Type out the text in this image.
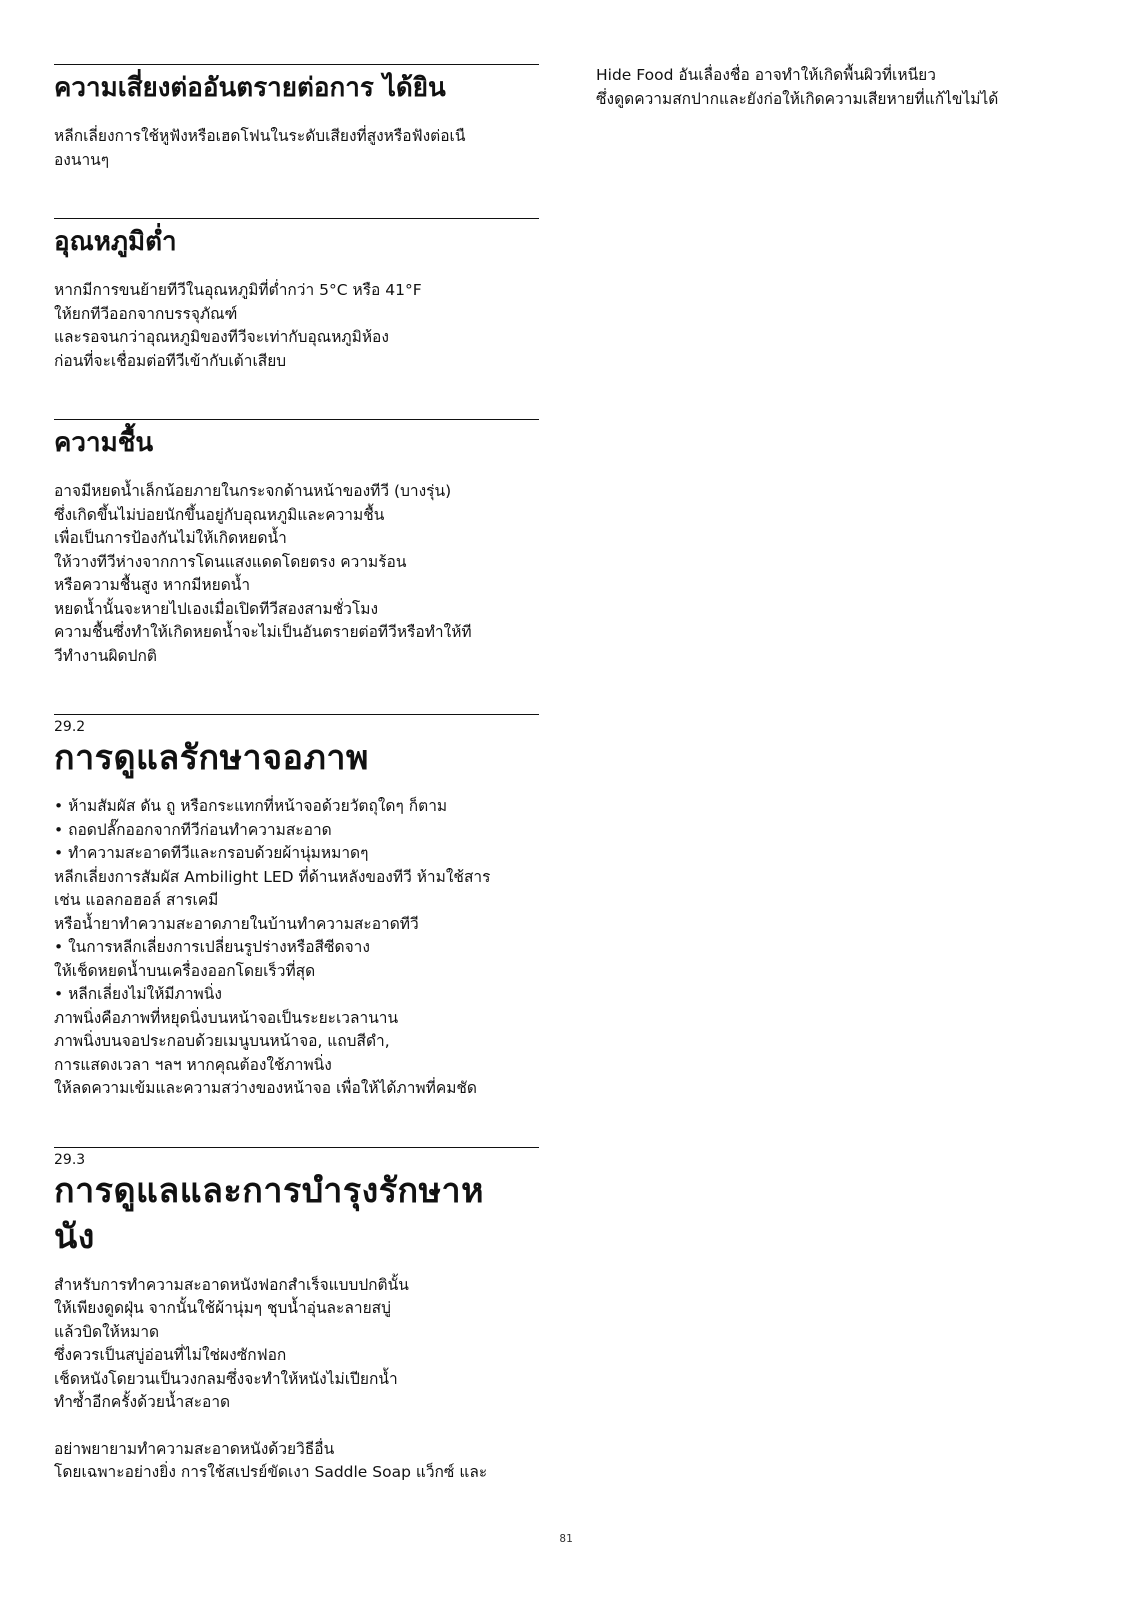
ความเสี่ยงต่ออันตรายต่อการ ได้ยิน

หลีกเลี่ยงการใช้หูฟังหรือเฮดโฟนในระดับเสียงที่สูงหรือฟังต่อเนื
องนานๆ

อุณหภูมิต่ำ

หากมีการขนย้ายทีวีในอุณหภูมิที่ต่ำกว่า 5°C หรือ 41°F
ให้ยกทีวีออกจากบรรจุภัณฑ์
และรอจนกว่าอุณหภูมิของทีวีจะเท่ากับอุณหภูมิห้อง
ก่อนที่จะเชื่อมต่อทีวีเข้ากับเต้าเสียบ

ความชื้น

อาจมีหยดน้ำเล็กน้อยภายในกระจกด้านหน้าของทีวี (บางรุ่น)
ซึ่งเกิดขึ้นไม่บ่อยนักขึ้นอยู่กับอุณหภูมิและความชื้น
เพื่อเป็นการป้องกันไม่ให้เกิดหยดน้ำ
ให้วางทีวีห่างจากการโดนแสงแดดโดยตรง ความร้อน
หรือความชื้นสูง หากมีหยดน้ำ
หยดน้ำนั้นจะหายไปเองเมื่อเปิดทีวีสองสามชั่วโมง
ความชื้นซึ่งทำให้เกิดหยดน้ำจะไม่เป็นอันตรายต่อทีวีหรือทำให้ที
วีทำงานผิดปกติ

29.2
การดูแลรักษาจอภาพ

• ห้ามสัมผัส ดัน ถู หรือกระแทกที่หน้าจอด้วยวัตถุใดๆ ก็ตาม
• ถอดปลั๊กออกจากทีวีก่อนทำความสะอาด
• ทำความสะอาดทีวีและกรอบด้วยผ้านุ่มหมาดๆ
หลีกเลี่ยงการสัมผัส Ambilight LED ที่ด้านหลังของทีวี ห้ามใช้สาร
เช่น แอลกอฮอล์ สารเคมี
หรือน้ำยาทำความสะอาดภายในบ้านทำความสะอาดทีวี
• ในการหลีกเลี่ยงการเปลี่ยนรูปร่างหรือสีซีดจาง
ให้เช็ดหยดน้ำบนเครื่องออกโดยเร็วที่สุด
• หลีกเลี่ยงไม่ให้มีภาพนิ่ง
ภาพนิ่งคือภาพที่หยุดนิ่งบนหน้าจอเป็นระยะเวลานาน
ภาพนิ่งบนจอประกอบด้วยเมนูบนหน้าจอ, แถบสีดำ,
การแสดงเวลา ฯลฯ หากคุณต้องใช้ภาพนิ่ง
ให้ลดความเข้มและความสว่างของหน้าจอ เพื่อให้ได้ภาพที่คมชัด

29.3
การดูแลและการบำรุงรักษาห
นัง

สำหรับการทำความสะอาดหนังฟอกสำเร็จแบบปกตินั้น
ให้เพียงดูดฝุ่น จากนั้นใช้ผ้านุ่มๆ ชุบน้ำอุ่นละลายสบู่
แล้วบิดให้หมาด
ซึ่งควรเป็นสบู่อ่อนที่ไม่ใช่ผงซักฟอก
เช็ดหนังโดยวนเป็นวงกลมซึ่งจะทำให้หนังไม่เปียกน้ำ
ทำซ้ำอีกครั้งด้วยน้ำสะอาด

อย่าพยายามทำความสะอาดหนังด้วยวิธีอื่น
โดยเฉพาะอย่างยิ่ง การใช้สเปรย์ขัดเงา Saddle Soap แว็กซ์ และ

Hide Food อันเลื่องชื่อ อาจทำให้เกิดพื้นผิวที่เหนียว
ซึ่งดูดความสกปากและยังก่อให้เกิดความเสียหายที่แก้ไขไม่ได้

81
